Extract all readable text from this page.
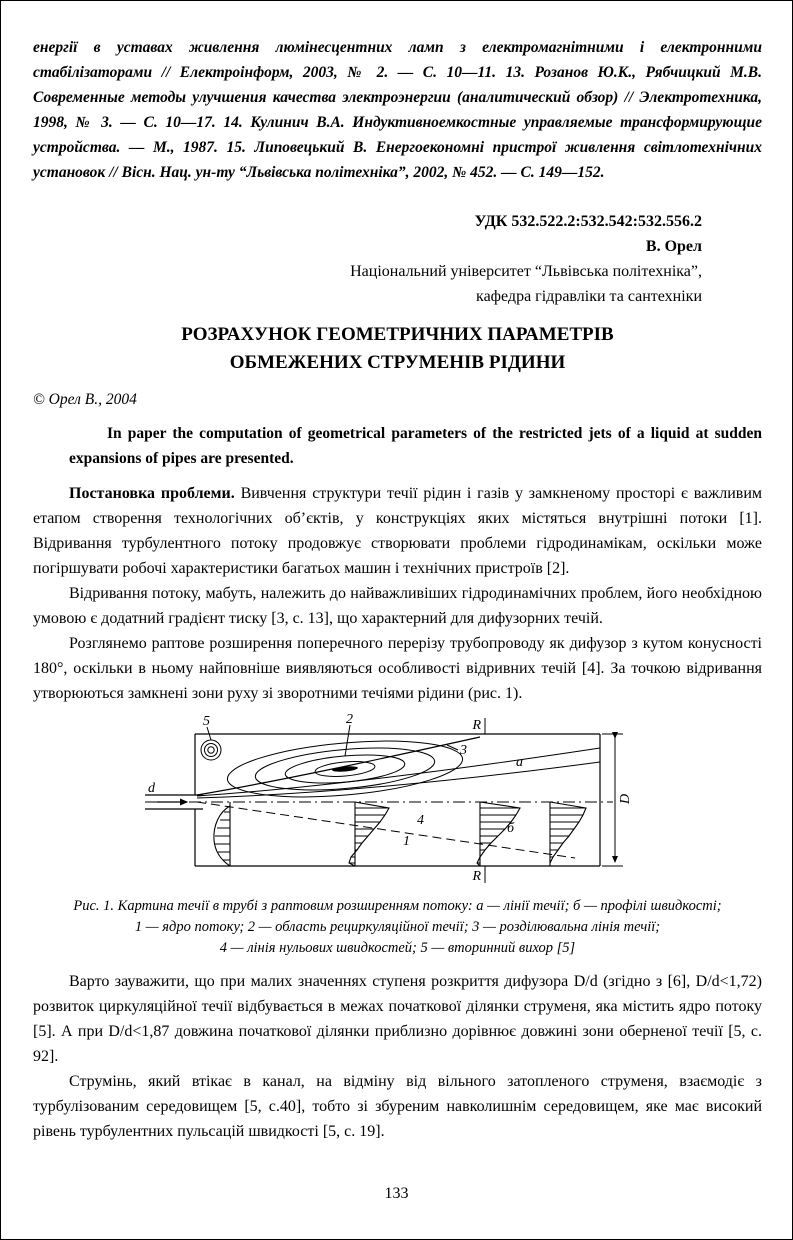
енергії в уставах живлення люмінесцентних ламп з електромагнітними і електронними стабілізаторами // Електроінформ, 2003, № 2. — С. 10—11. 13. Розанов Ю.К., Рябчицкий М.В. Современные методы улучшения качества электроэнергии (аналитический обзор) // Электротехника, 1998, № 3. — С. 10—17. 14. Кулинич В.А. Индуктивноемкостные управляемые трансформирующие устройства. — М., 1987. 15. Липовецький В. Енергоекономні пристрої живлення світлотехнічних установок // Вісн. Нац. ун-ту “Львівська політехніка”, 2002, № 452. — С. 149—152.

УДК 532.522.2:532.542:532.556.2

В. Орел

Національний університет “Львівська політехніка”,

кафедра гідравліки та сантехніки

РОЗРАХУНОК ГЕОМЕТРИЧНИХ ПАРАМЕТРІВ
ОБМЕЖЕНИХ СТРУМЕНІВ РІДИНИ

© Орел В., 2004

In paper the computation of geometrical parameters of the restricted jets of a liquid at sudden expansions of pipes are presented.

Постановка проблеми. Вивчення структури течії рідин і газів у замкненому просторі є важливим етапом створення технологічних об’єктів, у конструкціях яких містяться внутрішні потоки [1]. Відривання турбулентного потоку продовжує створювати проблеми гідродинамікам, оскільки може погіршувати робочі характеристики багатьох машин і технічних пристроїв [2].

Відривання потоку, мабуть, належить до найважливіших гідродинамічних проблем, його необхідною умовою є додатний градієнт тиску [3, с. 13], що характерний для дифузорних течій.

Розглянемо раптове розширення поперечного перерізу трубопроводу як дифузор з кутом конусності 180°, оскільки в ньому найповніше виявляються особливості відривних течій [4]. За точкою відривання утворюються замкнені зони руху зі зворотними течіями рідини (рис. 1).

5	2
3
a
4
1
б
d
D
R
R
Рис. 1. Картина течії в трубі з раптовим розширенням потоку: а — лінії течії; б — профілі швидкості;
1 — ядро потоку; 2 — область рециркуляційної течії; 3 — розділювальна лінія течії;
4 — лінія нульових швидкостей; 5 — вторинний вихор [5]

Варто зауважити, що при малих значеннях ступеня розкриття дифузора D/d (згідно з [6], D/d<1,72) розвиток циркуляційної течії відбувається в межах початкової ділянки струменя, яка містить ядро потоку [5]. А при D/d<1,87 довжина початкової ділянки приблизно дорівнює довжині зони оберненої течії [5, с. 92].

Струмінь, який втікає в канал, на відміну від вільного затопленого струменя, взаємодіє з турбулізованим середовищем [5, с.40], тобто зі збуреним навколишнім середовищем, яке має високий рівень турбулентних пульсацій швидкості [5, с. 19].

133
